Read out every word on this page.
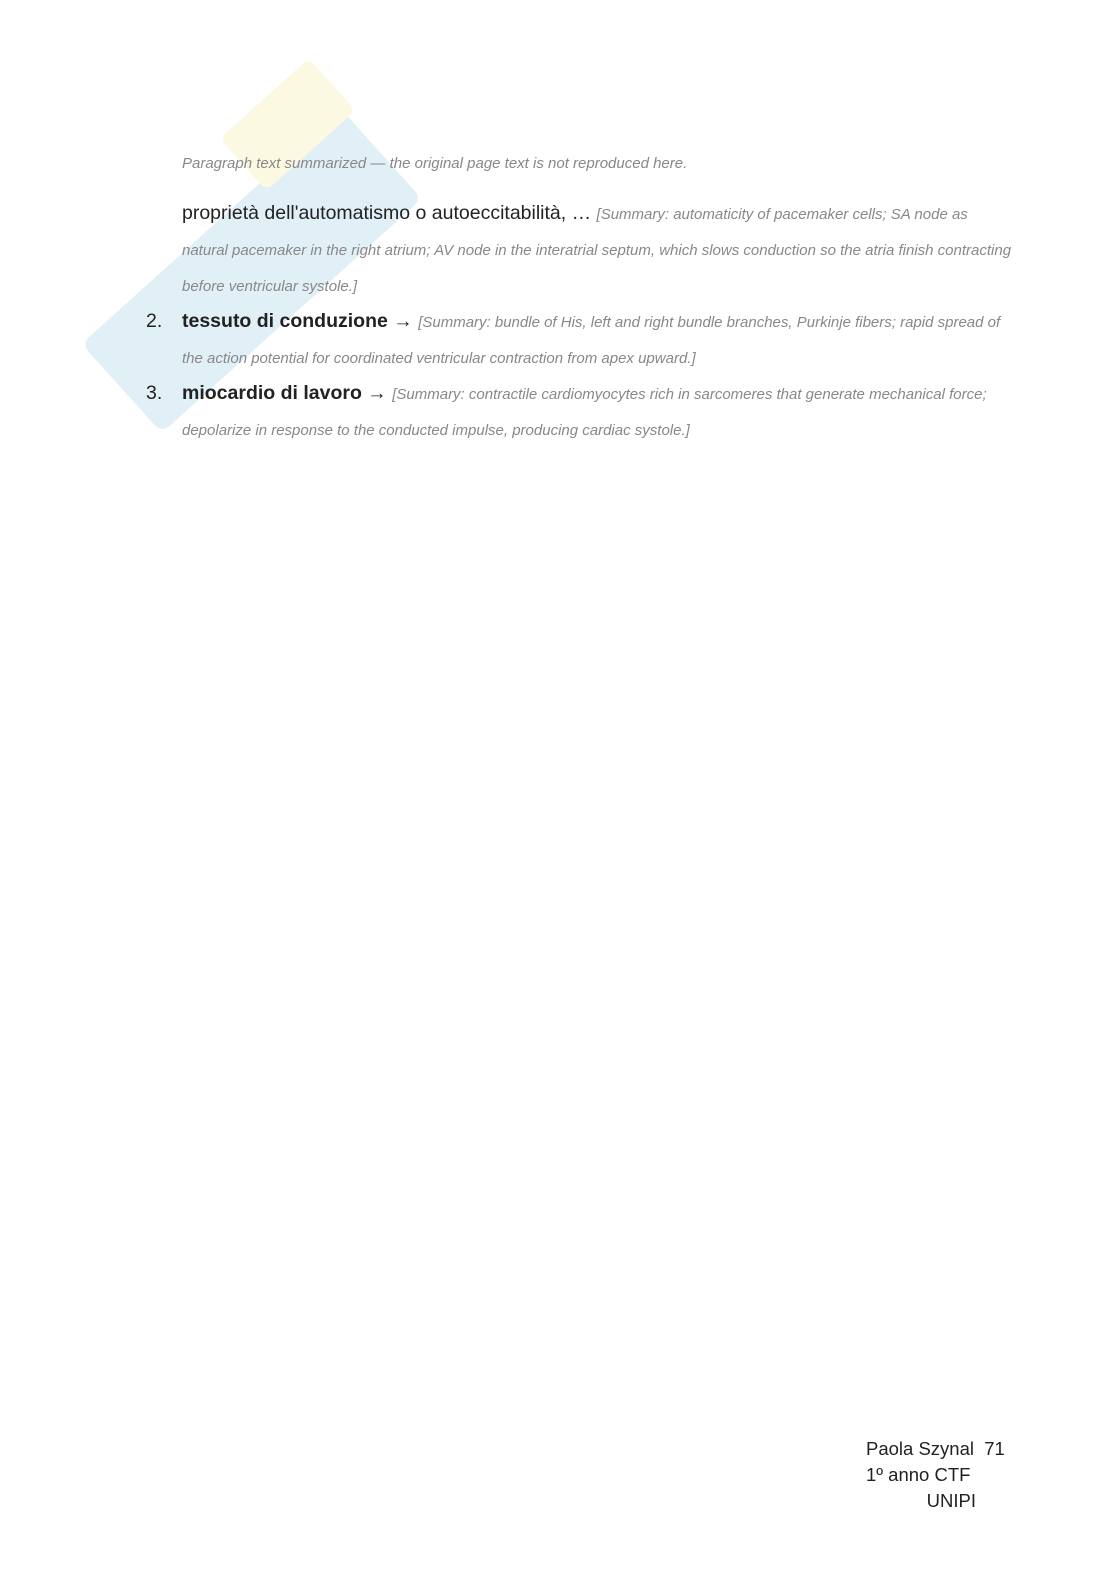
Paragraph text summarized — the original page text is not reproduced here.

proprietà dell'automatismo o autoeccitabilità, … [Summary: automaticity of pacemaker cells; SA node as natural pacemaker in the right atrium; AV node in the interatrial septum, which slows conduction so the atria finish contracting before ventricular systole.]

2. tessuto di conduzione → [Summary: bundle of His, left and right bundle branches, Purkinje fibers; rapid spread of the action potential for coordinated ventricular contraction from apex upward.]

3. miocardio di lavoro → [Summary: contractile cardiomyocytes rich in sarcomeres that generate mechanical force; depolarize in response to the conducted impulse, producing cardiac systole.]

Paola Szynal 71
1º anno CTF
UNIPI
